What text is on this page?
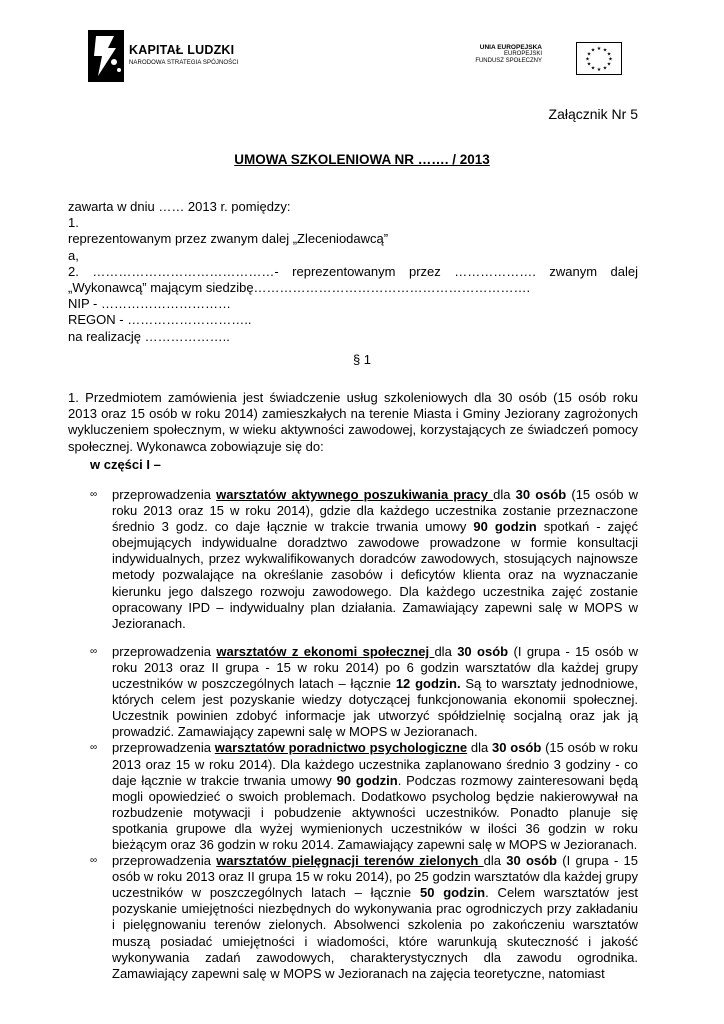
KAPITAŁ LUDZKI
NARODOWA STRATEGIA SPÓJNOŚCI
UNIA EUROPEJSKA
EUROPEJSKI
FUNDUSZ SPOŁECZNY
★ ★
★
★
★
★
★
★
★
★
★
★
Załącznik Nr 5
UMOWA SZKOLENIOWA NR ……. / 2013

zawarta w dniu …… 2013 r. pomiędzy:

1.

reprezentowanym przez zwanym dalej „Zleceniodawcą”

a,

2. ……………………………………- reprezentowanym przez ………………. zwanym dalej

„Wykonawcą” mającym siedzibę……………………………………………………….

NIP - …………………………

REGON - ………………………..

na realizację ………………..

§ 1

1. Przedmiotem zamówienia jest świadczenie usług szkoleniowych dla 30 osób (15 osób roku 2013 oraz 15 osób w roku 2014) zamieszkałych na terenie Miasta i Gminy Jeziorany zagrożonych wykluczeniem społecznym, w wieku aktywności zawodowej, korzystających ze świadczeń pomocy społecznej. Wykonawca zobowiązuje się do:

w części I –

∞ przeprowadzenia warsztatów aktywnego poszukiwania pracy dla 30 osób (15 osób w roku 2013 oraz 15 w roku 2014), gdzie dla każdego uczestnika zostanie przeznaczone średnio 3 godz. co daje łącznie w trakcie trwania umowy 90 godzin spotkań - zajęć obejmujących indywidualne doradztwo zawodowe prowadzone w formie konsultacji indywidualnych, przez wykwalifikowanych doradców zawodowych, stosujących najnowsze metody pozwalające na określanie zasobów i deficytów klienta oraz na wyznaczanie kierunku jego dalszego rozwoju zawodowego. Dla każdego uczestnika zajęć zostanie opracowany IPD – indywidualny plan działania. Zamawiający zapewni salę w MOPS w Jezioranach.

∞ przeprowadzenia warsztatów z ekonomi społecznej dla 30 osób (I grupa - 15 osób w roku 2013 oraz II grupa - 15 w roku 2014) po 6 godzin warsztatów dla każdej grupy uczestników w poszczególnych latach – łącznie 12 godzin. Są to warsztaty jednodniowe, których celem jest pozyskanie wiedzy dotyczącej funkcjonowania ekonomii społecznej. Uczestnik powinien zdobyć informacje jak utworzyć spółdzielnię socjalną oraz jak ją prowadzić. Zamawiający zapewni salę w MOPS w Jezioranach.

∞ przeprowadzenia warsztatów poradnictwo psychologiczne dla 30 osób (15 osób w roku 2013 oraz 15 w roku 2014). Dla każdego uczestnika zaplanowano średnio 3 godziny - co daje łącznie w trakcie trwania umowy 90 godzin. Podczas rozmowy zainteresowani będą mogli opowiedzieć o swoich problemach. Dodatkowo psycholog będzie nakierowywał na rozbudzenie motywacji i pobudzenie aktywności uczestników. Ponadto planuje się spotkania grupowe dla wyżej wymienionych uczestników w ilości 36 godzin w roku bieżącym oraz 36 godzin w roku 2014. Zamawiający zapewni salę w MOPS w Jezioranach.

∞ przeprowadzenia warsztatów pielęgnacji terenów zielonych dla 30 osób (I grupa - 15 osób w roku 2013 oraz II grupa 15 w roku 2014), po 25 godzin warsztatów dla każdej grupy uczestników w poszczególnych latach – łącznie 50 godzin. Celem warsztatów jest pozyskanie umiejętności niezbędnych do wykonywania prac ogrodniczych przy zakładaniu i pielęgnowaniu terenów zielonych. Absolwenci szkolenia po zakończeniu warsztatów muszą posiadać umiejętności i wiadomości, które warunkują skuteczność i jakość wykonywania zadań zawodowych, charakterystycznych dla zawodu ogrodnika. Zamawiający zapewni salę w MOPS w Jezioranach na zajęcia teoretyczne, natomiast
